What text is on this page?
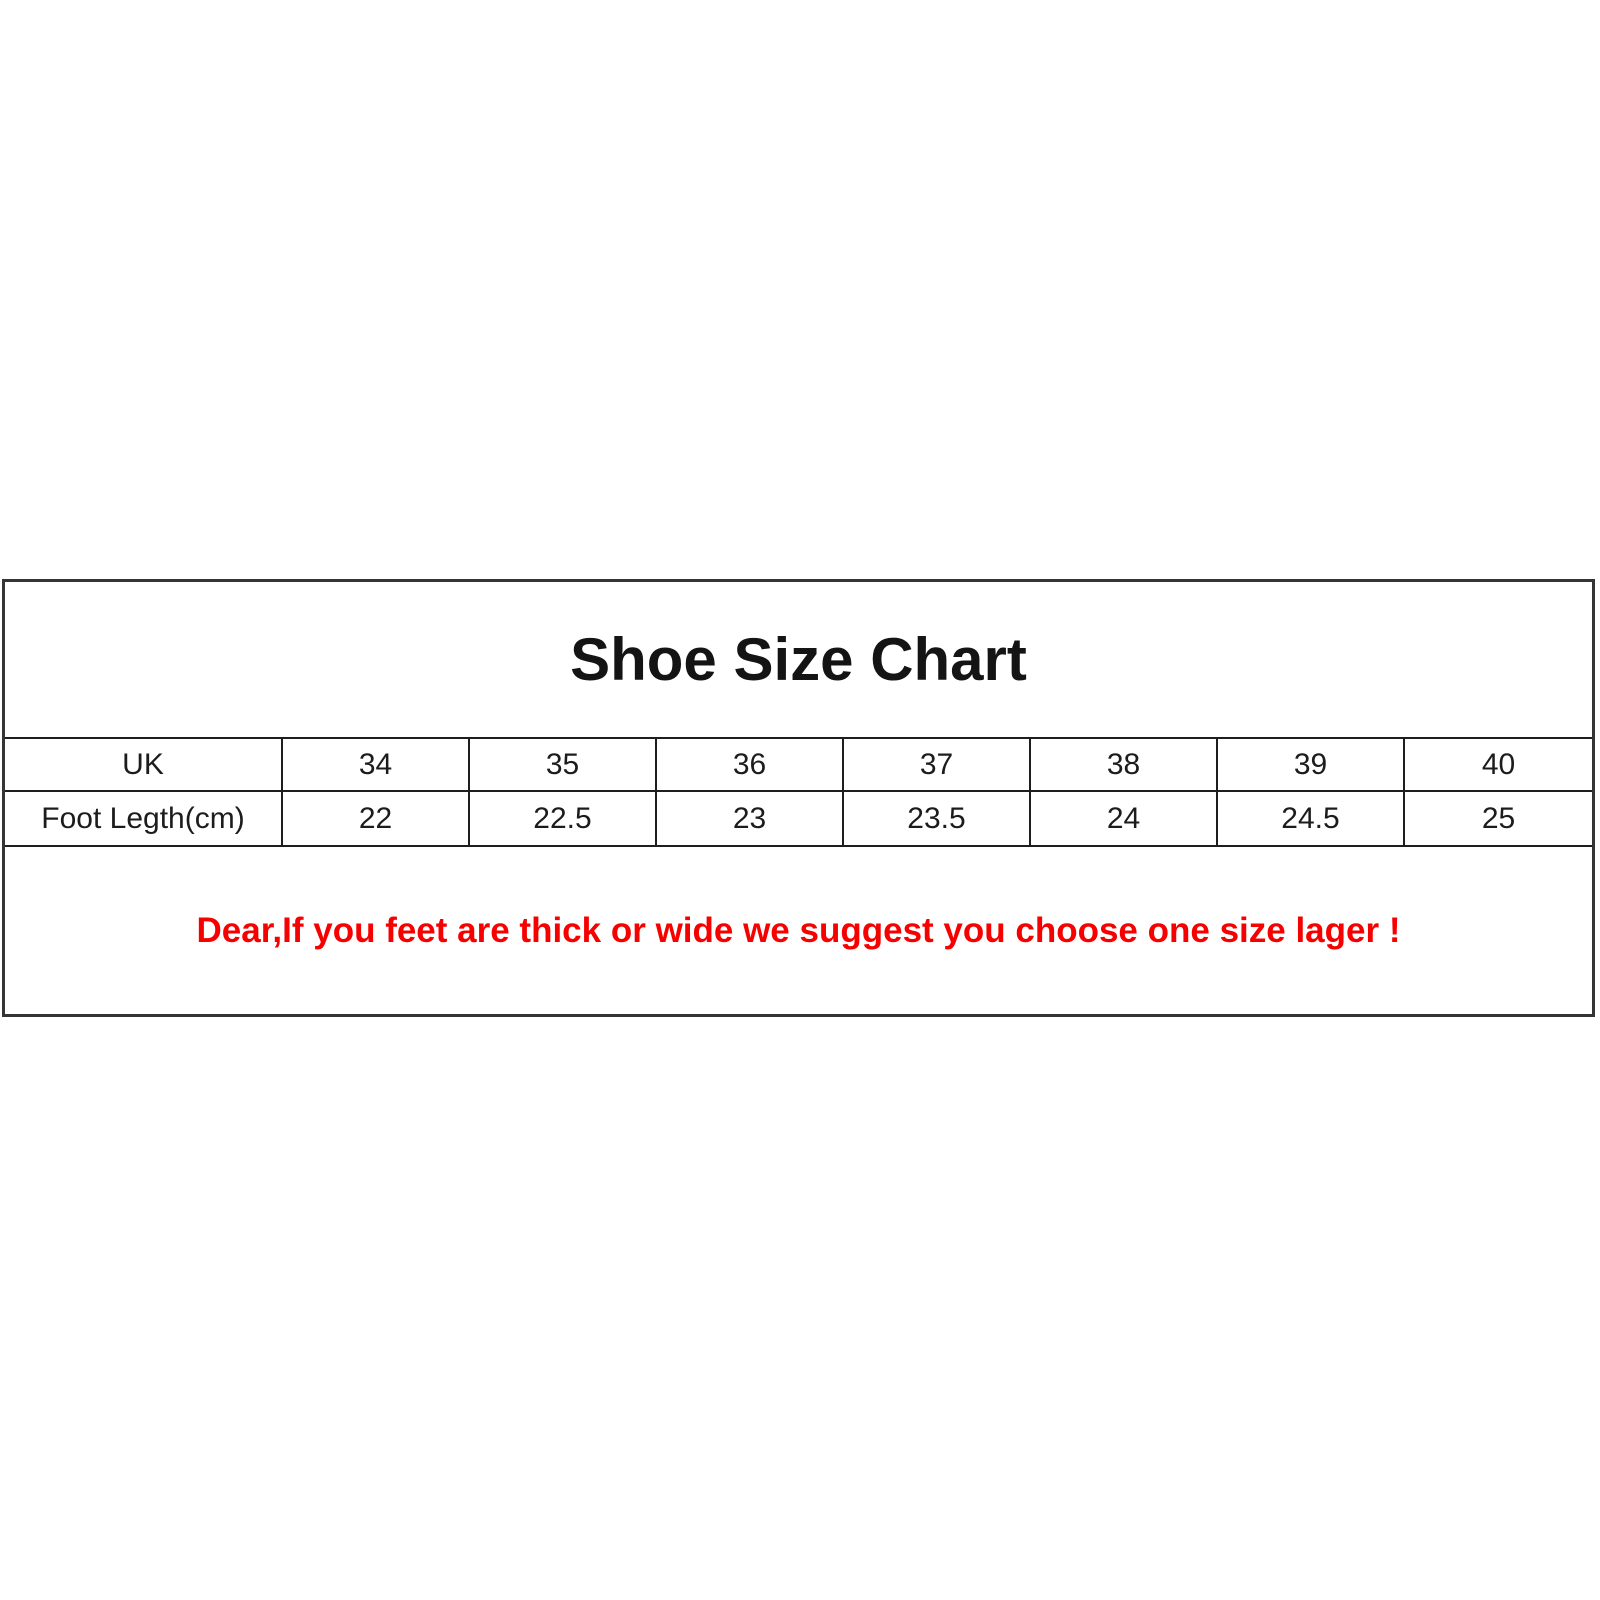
Shoe Size Chart
UK	34	35	36	37	38	39	40
Foot Legth(cm)	22	22.5	23	23.5	24	24.5	25
Dear,If you feet are thick or wide we suggest you choose one size lager !
